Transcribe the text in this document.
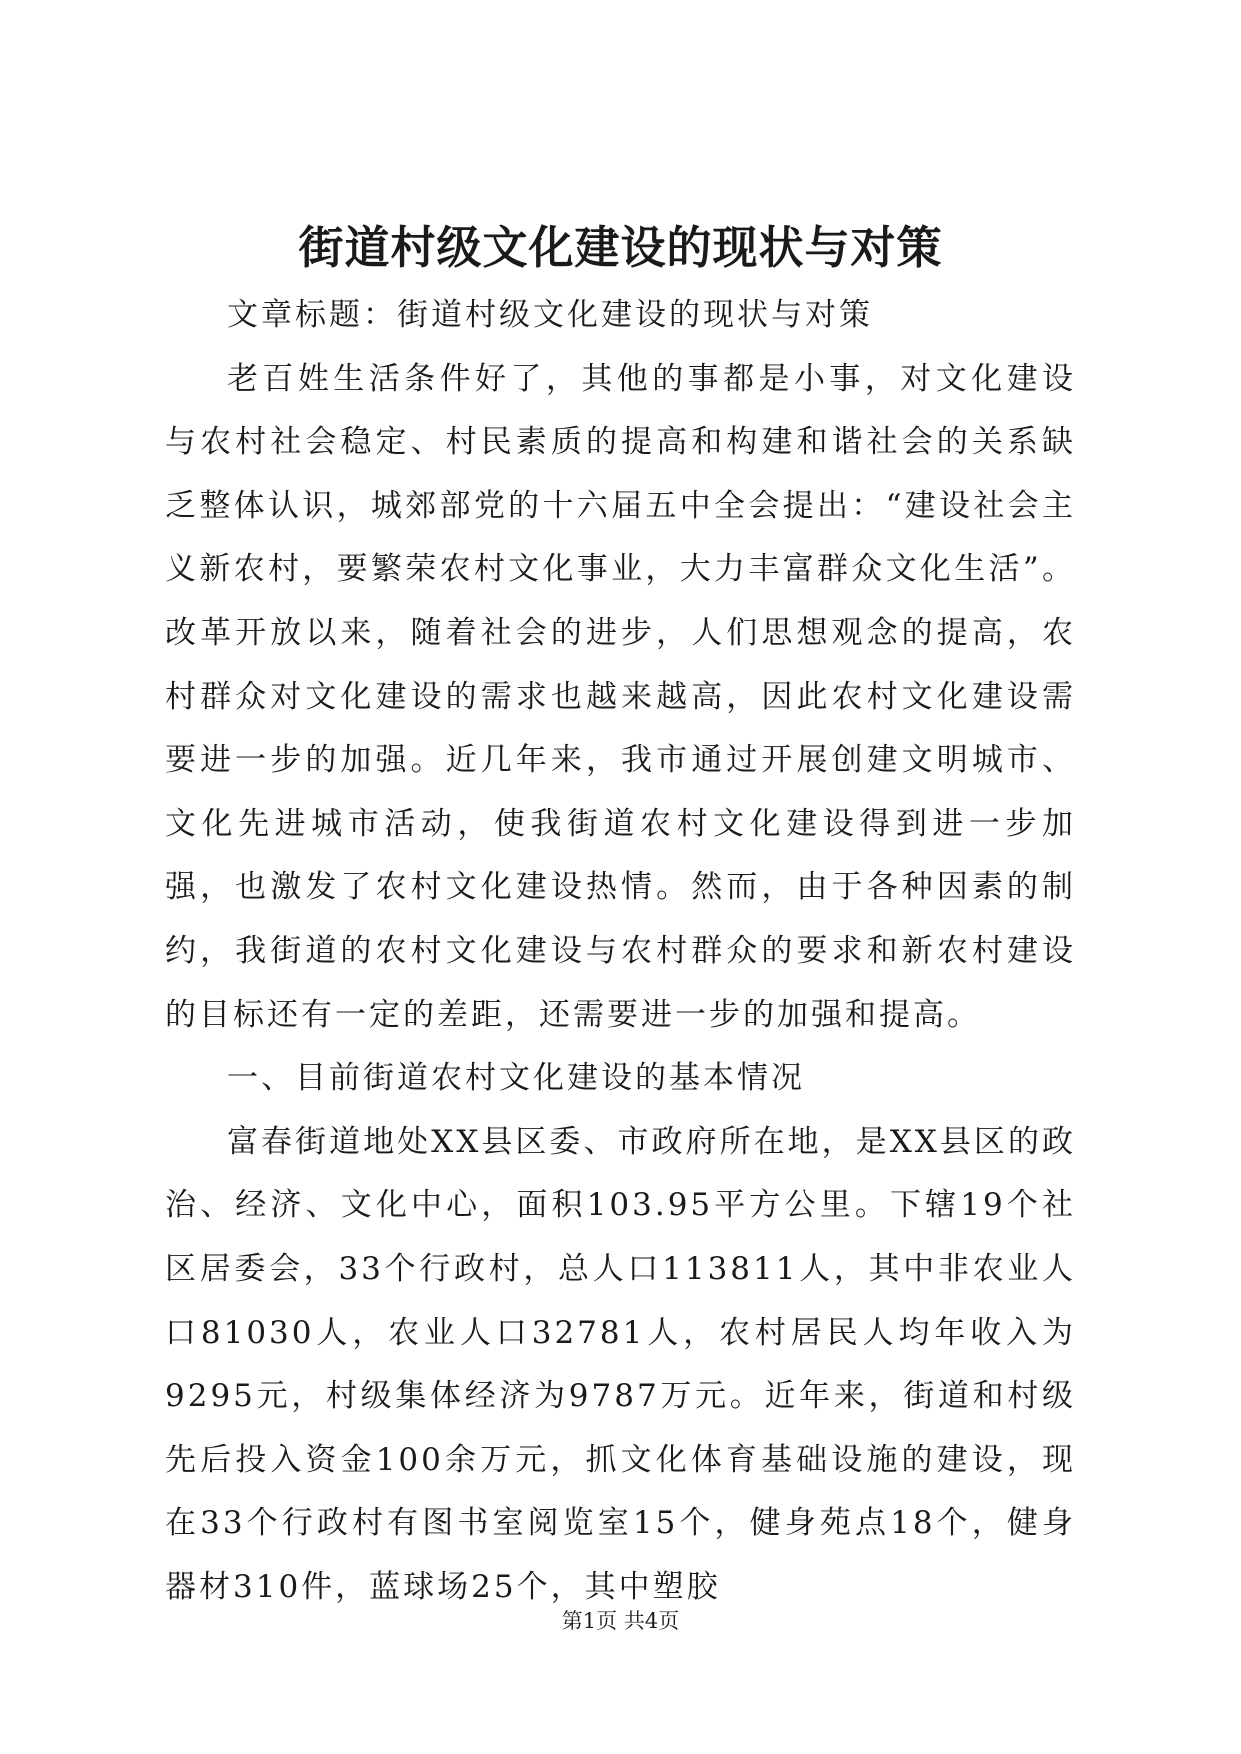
街道村级文化建设的现状与对策

文章标题：街道村级文化建设的现状与对策

老百姓生活条件好了，其他的事都是小事，对文化建设与农村社会稳定、村民素质的提高和构建和谐社会的关系缺乏整体认识，城郊部党的十六届五中全会提出：“建设社会主义新农村，要繁荣农村文化事业，大力丰富群众文化生活”。改革开放以来，随着社会的进步，人们思想观念的提高，农村群众对文化建设的需求也越来越高，因此农村文化建设需要进一步的加强。近几年来，我市通过开展创建文明城市、文化先进城市活动，使我街道农村文化建设得到进一步加强，也激发了农村文化建设热情。然而，由于各种因素的制约，我街道的农村文化建设与农村群众的要求和新农村建设的目标还有一定的差距，还需要进一步的加强和提高。

一、目前街道农村文化建设的基本情况

富春街道地处XX县区委、市政府所在地，是XX县区的政治、经济、文化中心，面积103.95平方公里。下辖19个社区居委会，33个行政村，总人口113811人，其中非农业人口81030人，农业人口32781人，农村居民人均年收入为9295元，村级集体经济为9787万元。近年来，街道和村级先后投入资金100余万元，抓文化体育基础设施的建设，现在33个行政村有图书室阅览室15个，健身苑点18个，健身器材310件，蓝球场25个，其中塑胶

第1页 共4页
